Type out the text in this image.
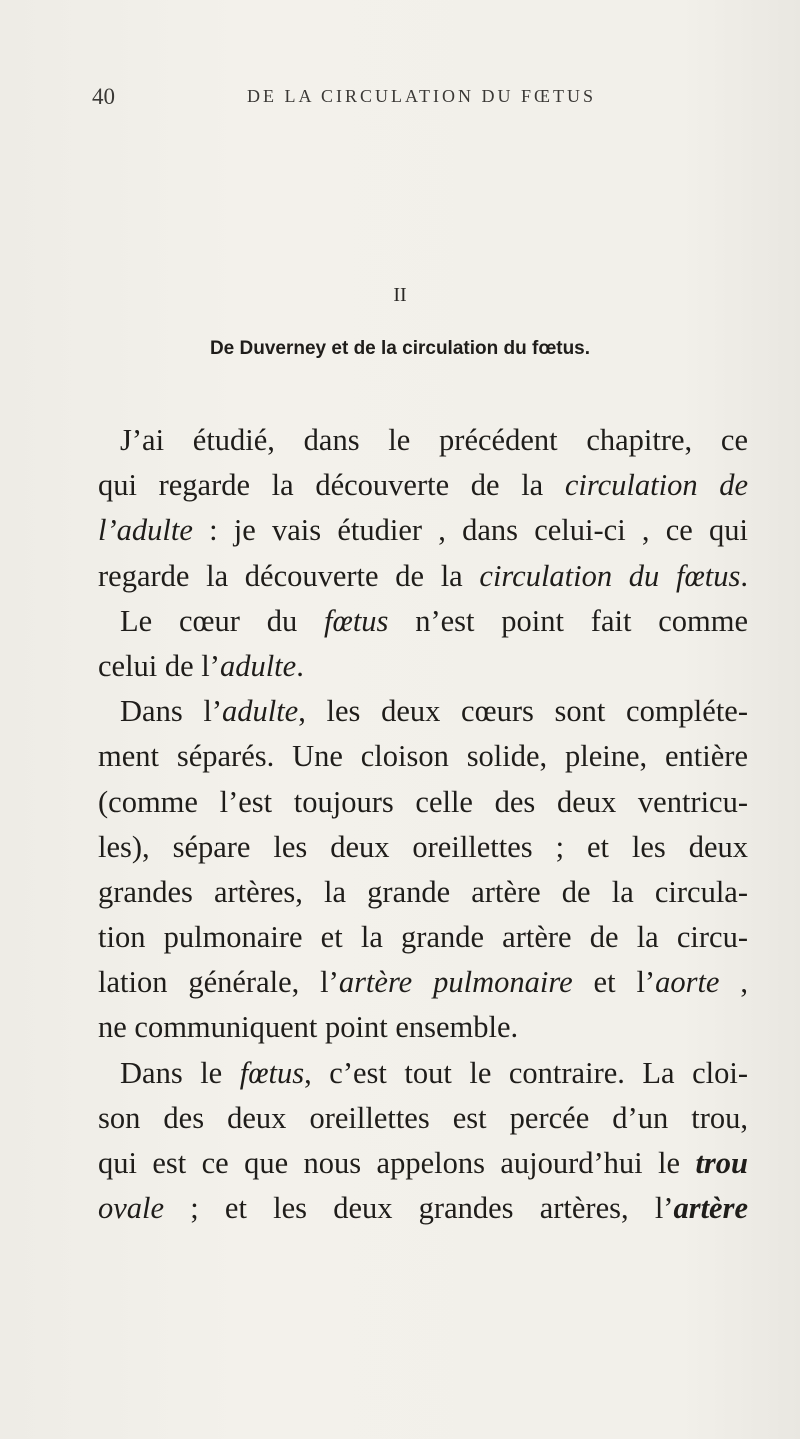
40	DE LA CIRCULATION DU FŒTUS
II
De Duverney et de la circulation du fœtus.
J’ai étudié, dans le précédent chapitre, ce
qui regarde la découverte de la circulation de
l’adulte : je vais étudier , dans celui-ci , ce qui
regarde la découverte de la circulation du fœtus.
Le cœur du fœtus n’est point fait comme
celui de l’adulte.
Dans l’adulte, les deux cœurs sont compléte-
ment séparés. Une cloison solide, pleine, entière
(comme l’est toujours celle des deux ventricu-
les), sépare les deux oreillettes ; et les deux
grandes artères, la grande artère de la circula-
tion pulmonaire et la grande artère de la circu-
lation générale, l’artère pulmonaire et l’aorte ,
ne communiquent point ensemble.
Dans le fœtus, c’est tout le contraire. La cloi-
son des deux oreillettes est percée d’un trou,
qui est ce que nous appelons aujourd’hui le trou
ovale ; et les deux grandes artères, l’artère
